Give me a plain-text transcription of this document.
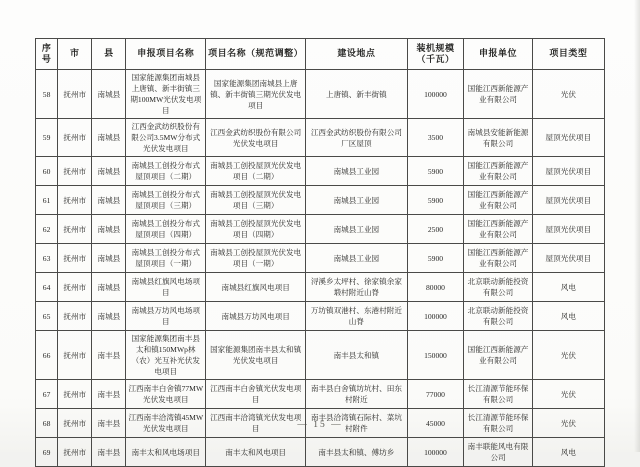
序号	市	县	申报项目名称	项目名称（规范调整）	建设地点	装机规模（千瓦）	申报单位	项目类型
58	抚州市	南城县	国家能源集团南城县上唐镇、新丰街镇三期100MW光伏发电项目	国家能源集团南城县上唐镇、新丰街镇三期光伏发电项目	上唐镇、新丰街镇	100000	国能江西新能源产业有限公司	光伏
59	抚州市	南城县	江西金武纺织股份有限公司3.5MW分布式光伏发电项目	江西金武纺织股份有限公司光伏发电项目	江西金武纺织股份有限公司厂区屋顶	3500	南城县安能新能源有限公司	屋顶光伏项目
60	抚州市	南城县	南城县工创投分布式屋顶项目（二期）	南城县工创投屋顶光伏发电项目（二期）	南城县工业园	5900	国能江西新能源产业有限公司	屋顶光伏项目
61	抚州市	南城县	南城县工创投分布式屋顶项目（三期）	南城县工创投屋顶光伏发电项目（三期）	南城县工业园	5900	国能江西新能源产业有限公司	屋顶光伏项目
62	抚州市	南城县	南城县工创投分布式屋顶项目（四期）	南城县工创投屋顶光伏发电项目（四期）	南城县工业园	2500	国能江西新能源产业有限公司	屋顶光伏项目
63	抚州市	南城县	南城县工创投分布式屋顶项目（一期）	南城县工创投屋顶光伏发电项目（一期）	南城县工业园	5900	国能江西新能源产业有限公司	屋顶光伏项目
64	抚州市	南城县	南城县红旗风电场项目	南城县红旗风电项目	浔溪乡太坪村、徐家镇余家塅村附近山脊	80000	北京联动新能投资有限公司	风电
65	抚州市	南城县	南城县万坊风电场项目	南城县万坊风电项目	万坊镇双港村、东港村附近山脊	100000	北京联动新能投资有限公司	风电
66	抚州市	南丰县	国家能源集团南丰县太和镇150MWp林（农）光互补光伏发电项目	国家能源集团南丰县太和镇光伏发电项目	南丰县太和镇	150000	国能江西新能源产业有限公司	光伏
67	抚州市	南丰县	江西南丰白舍镇77MW光伏发电项目	江西南丰白舍镇光伏发电项目	南丰县白舍镇坊坑村、田东村附近	77000	长江清源节能环保有限公司	光伏
68	抚州市	南丰县	江西南丰洽湾镇45MW光伏发电项目	江西南丰洽湾镇光伏发电项目	南丰县洽湾镇石际村、菜坑村附件	45000	长江清源节能环保有限公司	光伏
69	抚州市	南丰县	南丰太和风电场项目	南丰太和风电项目	南丰县太和镇、傅坊乡	100000	南丰联能风电有限公司	风电
— 15 —
